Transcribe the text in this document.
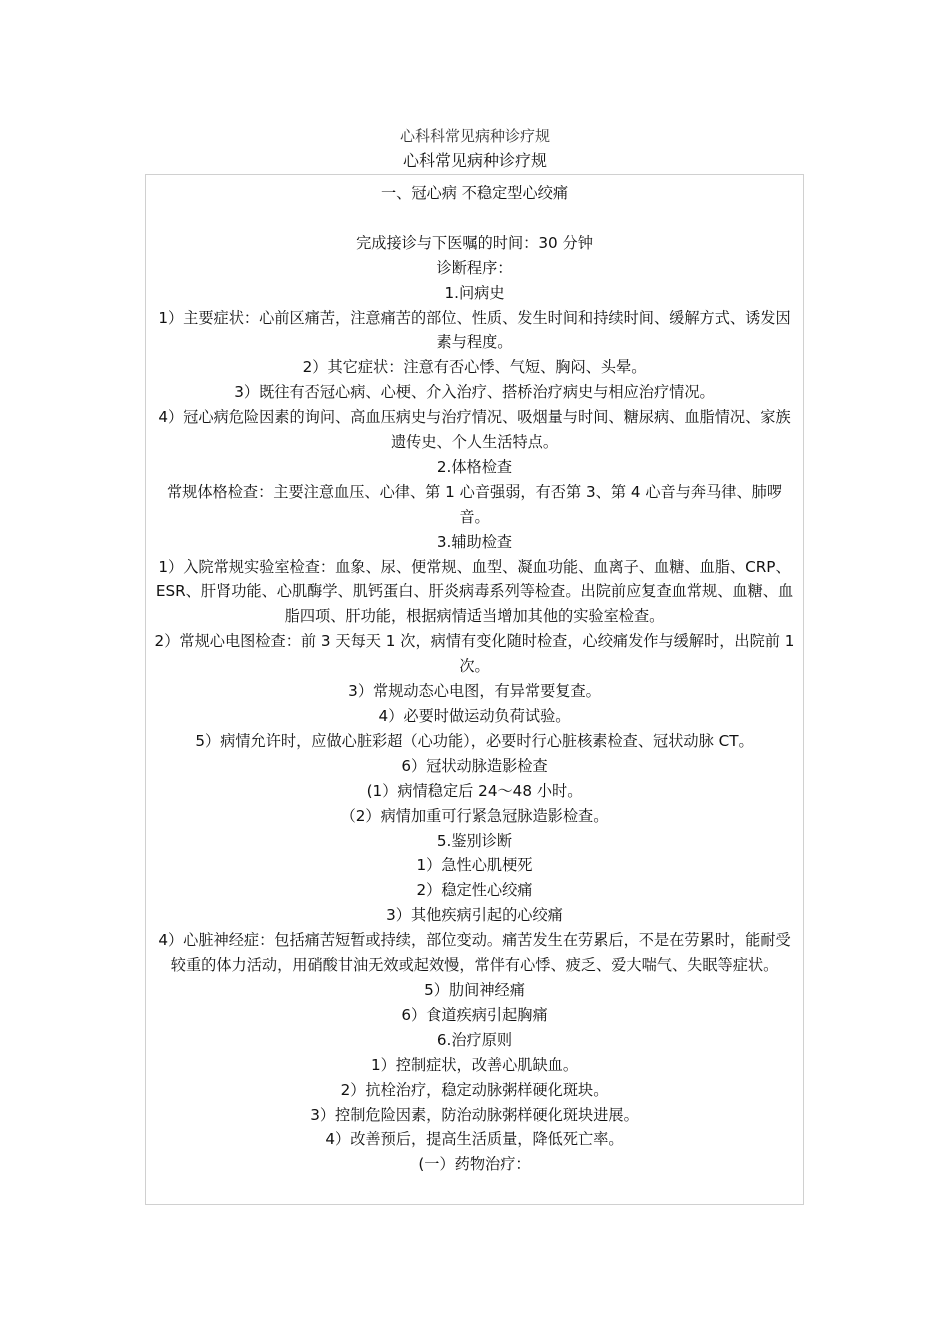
心科科常见病种诊疗规
心科常见病种诊疗规

一、冠心病 不稳定型心绞痛

完成接诊与下医嘱的时间：30 分钟

诊断程序：

1.问病史

1）主要症状：心前区痛苦，注意痛苦的部位、性质、发生时间和持续时间、缓解方式、诱发因素与程度。

2）其它症状：注意有否心悸、气短、胸闷、头晕。

3）既往有否冠心病、心梗、介入治疗、搭桥治疗病史与相应治疗情况。

4）冠心病危险因素的询问、高血压病史与治疗情况、吸烟量与时间、糖尿病、血脂情况、家族遗传史、个人生活特点。

2.体格检查

常规体格检查：主要注意血压、心律、第 1 心音强弱，有否第 3、第 4 心音与奔马律、肺啰音。

3.辅助检查

1）入院常规实验室检查：血象、尿、便常规、血型、凝血功能、血离子、血糖、血脂、CRP、ESR、肝肾功能、心肌酶学、肌钙蛋白、肝炎病毒系列等检查。出院前应复查血常规、血糖、血脂四项、肝功能，根据病情适当增加其他的实验室检查。

2）常规心电图检查：前 3 天每天 1 次，病情有变化随时检查，心绞痛发作与缓解时，出院前 1 次。

3）常规动态心电图，有异常要复查。

4）必要时做运动负荷试验。

5）病情允许时，应做心脏彩超（心功能），必要时行心脏核素检查、冠状动脉 CT。

6）冠状动脉造影检查

(1）病情稳定后 24～48 小时。

（2）病情加重可行紧急冠脉造影检查。

5.鉴别诊断

1）急性心肌梗死

2）稳定性心绞痛

3）其他疾病引起的心绞痛

4）心脏神经症：包括痛苦短暂或持续，部位变动。痛苦发生在劳累后，不是在劳累时，能耐受较重的体力活动，用硝酸甘油无效或起效慢，常伴有心悸、疲乏、爱大喘气、失眠等症状。

5）肋间神经痛

6）食道疾病引起胸痛

6.治疗原则

1）控制症状，改善心肌缺血。

2）抗栓治疗，稳定动脉粥样硬化斑块。

3）控制危险因素，防治动脉粥样硬化斑块进展。

4）改善预后，提高生活质量，降低死亡率。

(一）药物治疗：
